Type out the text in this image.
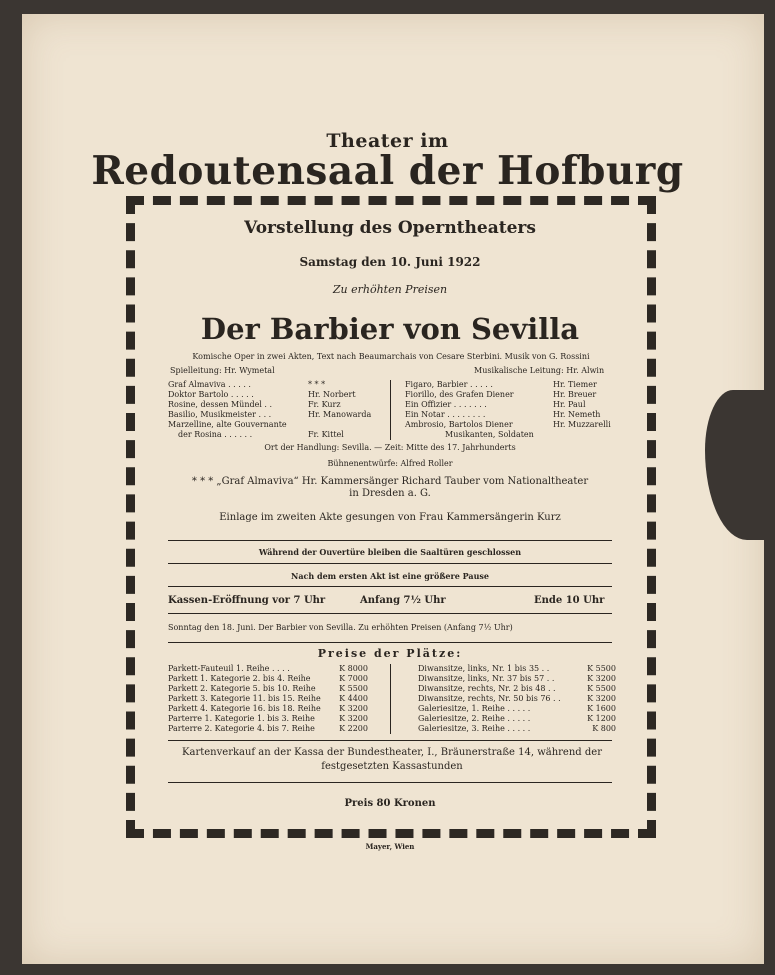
Theater im
Redoutensaal der Hofburg
Vorstellung des Operntheaters
Samstag den 10. Juni 1922
Zu erhöhten Preisen
Der Barbier von Sevilla
Komische Oper in zwei Akten, Text nach Beaumarchais von Cesare Sterbini. Musik von G. Rossini
Spielleitung: Hr. Wymetal	Musikalische Leitung: Hr. Alwin
Graf Almaviva . . . . .	* * *
Doktor Bartolo . . . . .	Hr. Norbert
Rosine, dessen Mündel . .	Fr. Kurz
Basilio, Musikmeister . . .	Hr. Manowarda
Marzelline, alte Gouvernante
der Rosina . . . . . .	Fr. Kittel
Figaro, Barbier . . . . .	Hr. Tiemer
Fiorillo, des Grafen Diener	Hr. Breuer
Ein Offizier . . . . . . .	Hr. Paul
Ein Notar . . . . . . . .	Hr. Nemeth
Ambrosio, Bartolos Diener	Hr. Muzzarelli
Musikanten, Soldaten
Ort der Handlung: Sevilla. — Zeit: Mitte des 17. Jahrhunderts
Bühnenentwürfe: Alfred Roller
* * * „Graf Almaviva“ Hr. Kammersänger Richard Tauber vom Nationaltheater
in Dresden a. G.
Einlage im zweiten Akte gesungen von Frau Kammersängerin Kurz
Während der Ouvertüre bleiben die Saaltüren geschlossen
Nach dem ersten Akt ist eine größere Pause
Kassen-Eröffnung vor 7 Uhr	Anfang 7½ Uhr	Ende 10 Uhr
Sonntag den 18. Juni. Der Barbier von Sevilla. Zu erhöhten Preisen (Anfang 7½ Uhr)
Preise der Plätze:
Parkett-Fauteuil 1. Reihe . . . .	K 8000
Parkett 1. Kategorie 2. bis 4. Reihe	K 7000
Parkett 2. Kategorie 5. bis 10. Reihe	K 5500
Parkett 3. Kategorie 11. bis 15. Reihe K 4400
Parkett 4. Kategorie 16. bis 18. Reihe K 3200
Parterre 1. Kategorie 1. bis 3. Reihe	K 3200
Parterre 2. Kategorie 4. bis 7. Reihe	K 2200
Diwansitze, links, Nr. 1 bis 35 . .	K 5500
Diwansitze, links, Nr. 37 bis 57 . .	K 3200
Diwansitze, rechts, Nr. 2 bis 48 . .	K 5500
Diwansitze, rechts, Nr. 50 bis 76 . .	K 3200
Galeriesitze, 1. Reihe . . . . .	K 1600
Galeriesitze, 2. Reihe . . . . .	K 1200
Galeriesitze, 3. Reihe . . . . .	K 800
Kartenverkauf an der Kassa der Bundestheater, I., Bräunerstraße 14, während der festgesetzten Kassastunden
Preis 80 Kronen
Mayer, Wien
